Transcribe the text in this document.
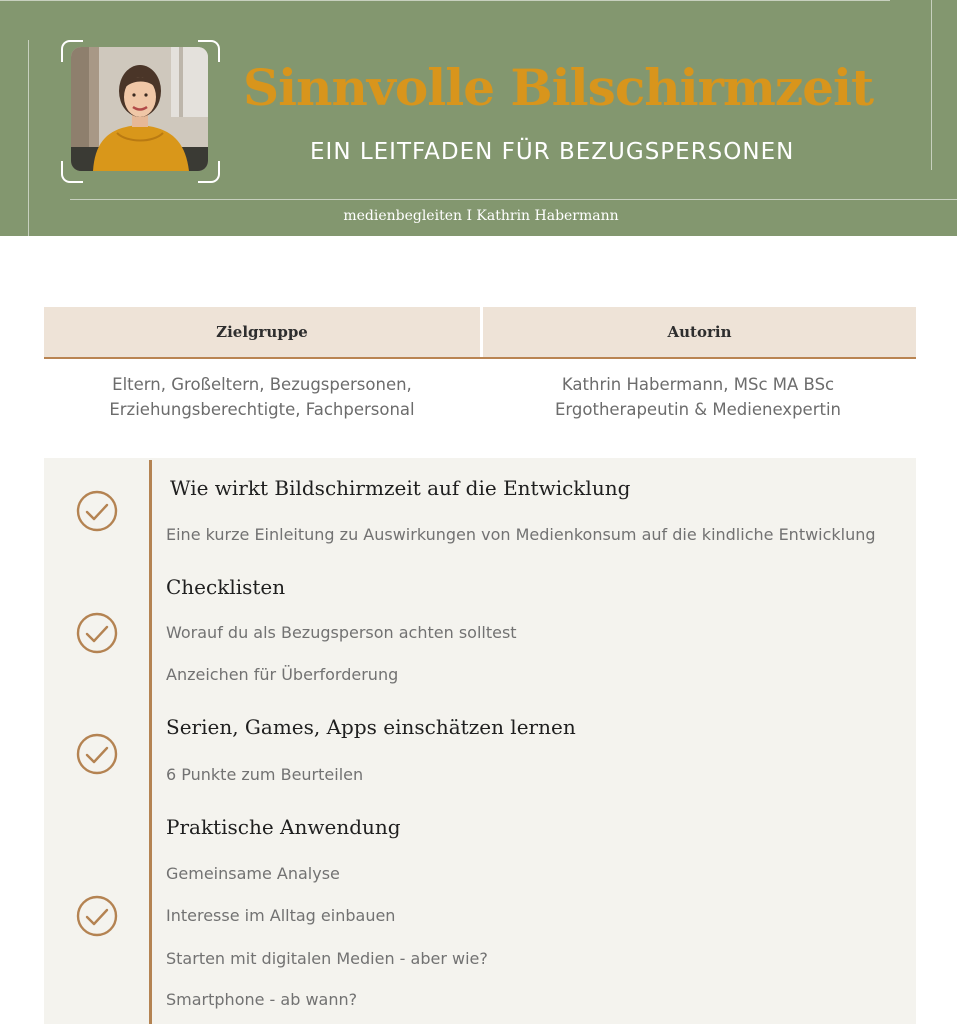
Sinnvolle Bilschirmzeit
EIN LEITFADEN FÜR BEZUGSPERSONEN
medienbegleiten I Kathrin Habermann
Zielgruppe	Autorin
Eltern, Großeltern, Bezugspersonen,
Erziehungsberechtigte, Fachpersonal
Kathrin Habermann, MSc MA BSc
Ergotherapeutin & Medienexpertin
Wie wirkt Bildschirmzeit auf die Entwicklung
Eine kurze Einleitung zu Auswirkungen von Medienkonsum auf die kindliche Entwicklung
Checklisten
Worauf du als Bezugsperson achten solltest
Anzeichen für Überforderung
Serien, Games, Apps einschätzen lernen
6 Punkte zum Beurteilen
Praktische Anwendung
Gemeinsame Analyse
Interesse im Alltag einbauen
Starten mit digitalen Medien - aber wie?
Smartphone - ab wann?
